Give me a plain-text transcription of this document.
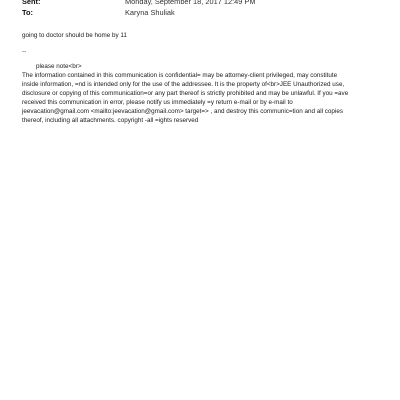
Sent:	Monday, September 18, 2017 12:49 PM
To:	Karyna Shuliak

going to doctor should be home by 11

--

please note<br>

The information contained in this communication is confidential= may be attorney-client privileged, may constitute

inside information, =nd is intended only for the use of the addressee. It is the property of<br>JEE Unauthorized use,

disclosure or copying of this communication=or any part thereof is strictly prohibited and may be unlawful. If you =ave

received this communication in error, please notify us immediately =y return e-mail or by e-mail to

jeevacation@gmail.com <mailto:jeevacation@gmail.com> target=> , and destroy this communic=tion and all copies

thereof, including all attachments. copyright -all =ights reserved
